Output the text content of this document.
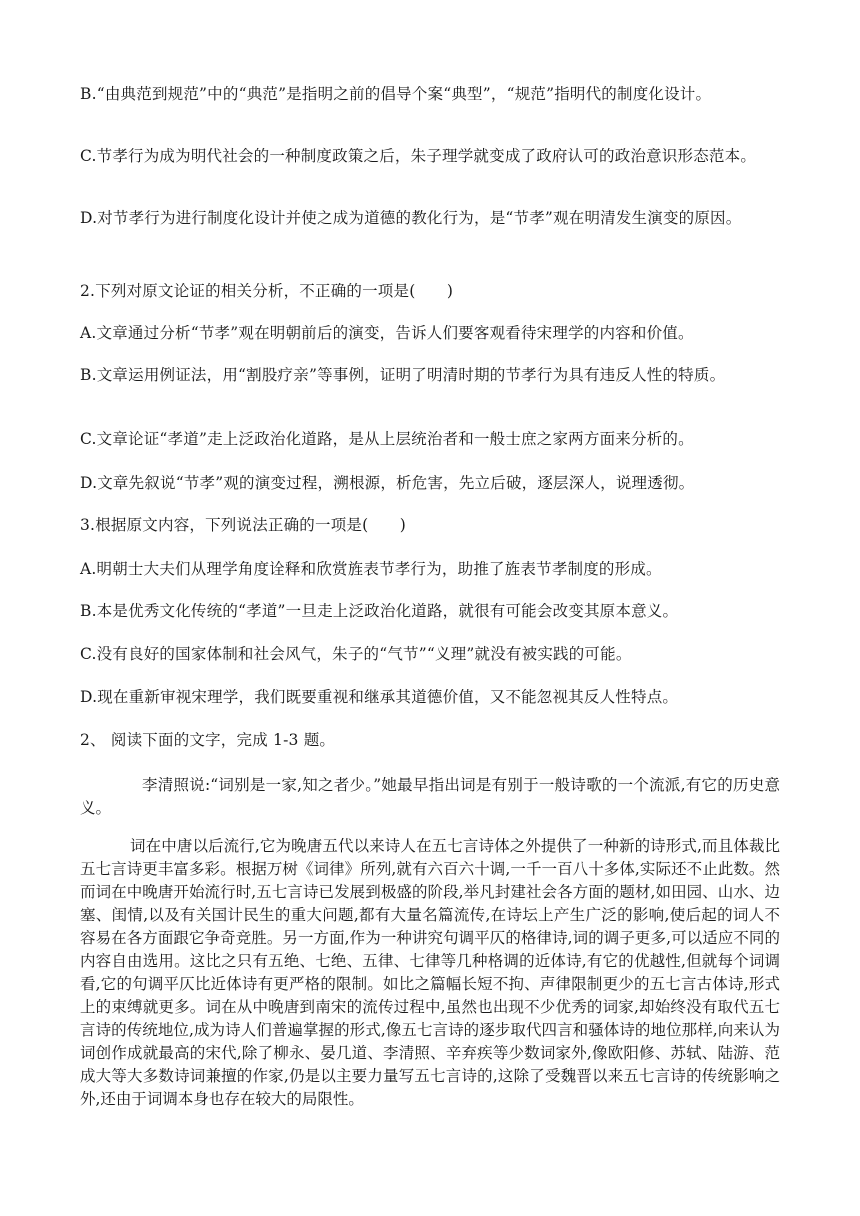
B.“由典范到规范”中的“典范”是指明之前的倡导个案“典型”，“规范”指明代的制度化设计。
C.节孝行为成为明代社会的一种制度政策之后，朱子理学就变成了政府认可的政治意识形态范本。
D.对节孝行为进行制度化设计并使之成为道德的教化行为，是“节孝”观在明清发生演变的原因。
2.下列对原文论证的相关分析，不正确的一项是(　　)
A.文章通过分析“节孝”观在明朝前后的演变，告诉人们要客观看待宋理学的内容和价值。
B.文章运用例证法，用“割股疗亲”等事例，证明了明清时期的节孝行为具有违反人性的特质。
C.文章论证“孝道”走上泛政治化道路，是从上层统治者和一般士庶之家两方面来分析的。
D.文章先叙说“节孝”观的演变过程，溯根源，析危害，先立后破，逐层深人，说理透彻。
3.根据原文内容，下列说法正确的一项是(　　)
A.明朝士大夫们从理学角度诠释和欣赏旌表节孝行为，助推了旌表节孝制度的形成。
B.本是优秀文化传统的“孝道”一旦走上泛政治化道路，就很有可能会改变其原本意义。
C.没有良好的国家体制和社会风气，朱子的“气节”“义理”就没有被实践的可能。
D.现在重新审视宋理学，我们既要重视和继承其道德价值，又不能忽视其反人性特点。
2、 阅读下面的文字，完成 1-3 题。
李清照说:“词别是一家,知之者少。”她最早指出词是有别于一般诗歌的一个流派,有它的历史意义。
词在中唐以后流行,它为晚唐五代以来诗人在五七言诗体之外提供了一种新的诗形式,而且体裁比五七言诗更丰富多彩。根据万树《词律》所列,就有六百六十调,一千一百八十多体,实际还不止此数。然而词在中晚唐开始流行时,五七言诗已发展到极盛的阶段,举凡封建社会各方面的题材,如田园、山水、边塞、闺情,以及有关国计民生的重大问题,都有大量名篇流传,在诗坛上产生广泛的影响,使后起的词人不容易在各方面跟它争奇竞胜。另一方面,作为一种讲究句调平仄的格律诗,词的调子更多,可以适应不同的内容自由选用。这比之只有五绝、七绝、五律、七律等几种格调的近体诗,有它的优越性,但就每个词调看,它的句调平仄比近体诗有更严格的限制。如比之篇幅长短不拘、声律限制更少的五七言古体诗,形式上的束缚就更多。词在从中晚唐到南宋的流传过程中,虽然也出现不少优秀的词家,却始终没有取代五七言诗的传统地位,成为诗人们普遍掌握的形式,像五七言诗的逐步取代四言和骚体诗的地位那样,向来认为词创作成就最高的宋代,除了柳永、晏几道、李清照、辛弃疾等少数词家外,像欧阳修、苏轼、陆游、范成大等大多数诗词兼擅的作家,仍是以主要力量写五七言诗的,这除了受魏晋以来五七言诗的传统影响之外,还由于词调本身也存在较大的局限性。
